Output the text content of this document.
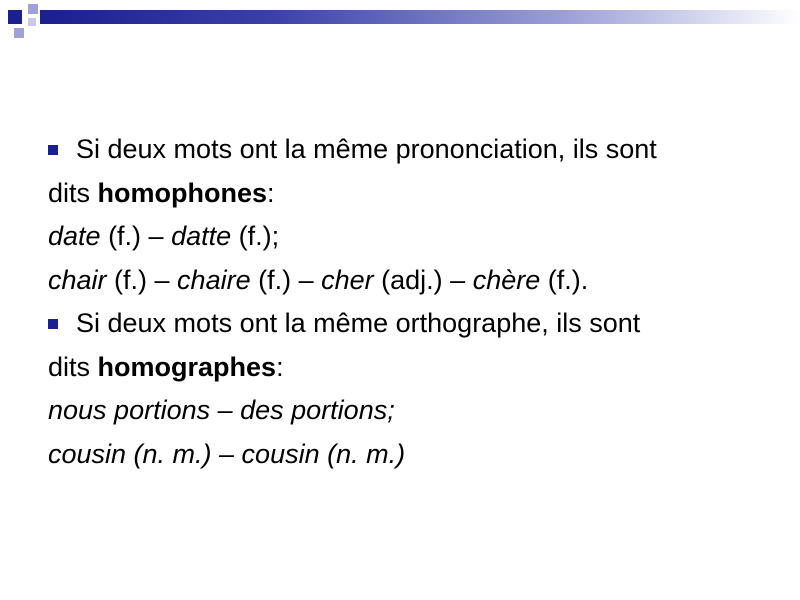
Si deux mots ont la même prononciation, ils sont
dits homophones:
date (f.) – datte (f.);
chair (f.) – chaire (f.) – cher (adj.) – chère (f.).
Si deux mots ont la même orthographe, ils sont
dits homographes:
nous portions – des portions;
cousin (n. m.) – cousin (n. m.)
